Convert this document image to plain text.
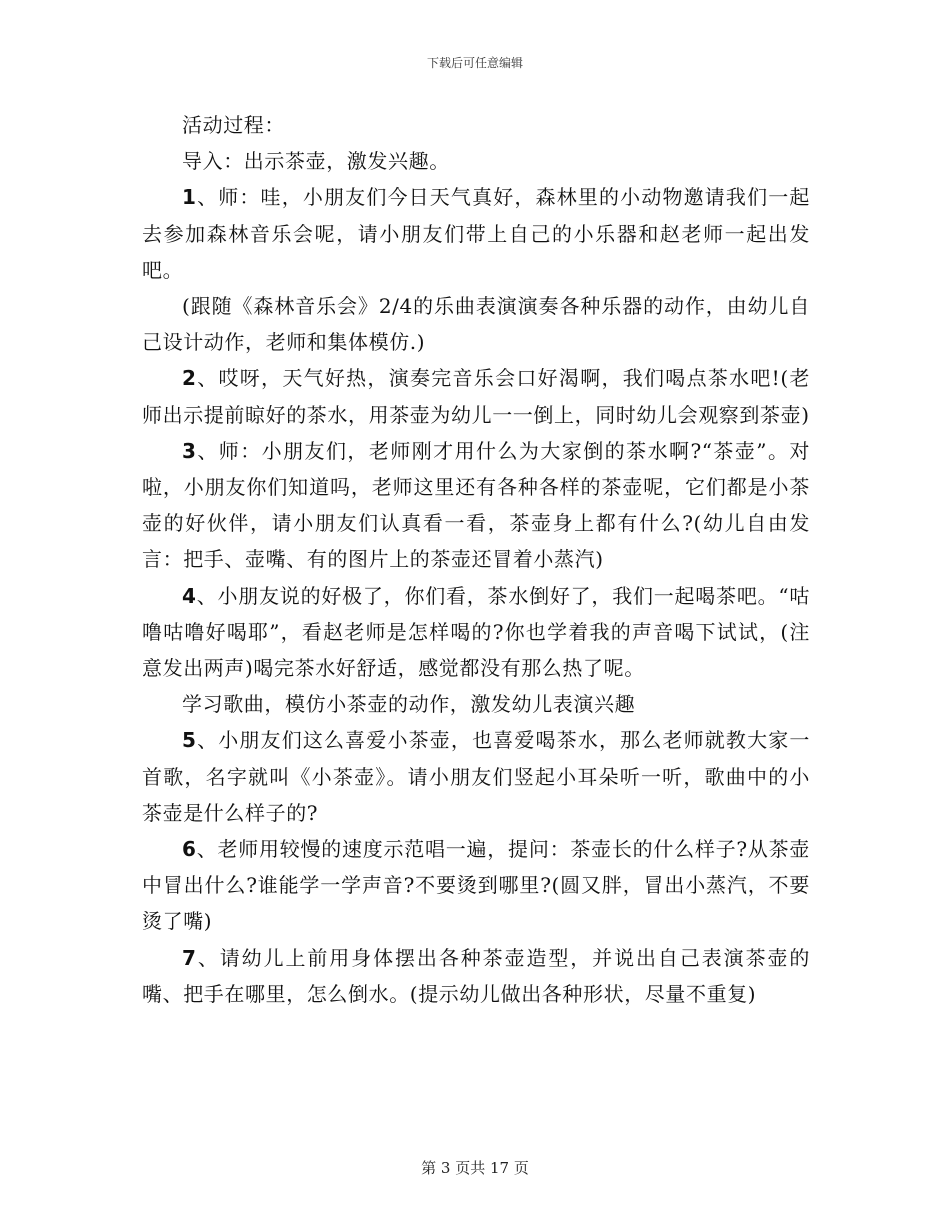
下载后可任意编辑

活动过程：

导入：出示茶壶，激发兴趣。

1、师：哇，小朋友们今日天气真好，森林里的小动物邀请我们一起去参加森林音乐会呢，请小朋友们带上自己的小乐器和赵老师一起出发吧。

(跟随《森林音乐会》2/4的乐曲表演演奏各种乐器的动作，由幼儿自己设计动作，老师和集体模仿.)

2、哎呀，天气好热，演奏完音乐会口好渴啊，我们喝点茶水吧!(老师出示提前晾好的茶水，用茶壶为幼儿一一倒上，同时幼儿会观察到茶壶)

3、师：小朋友们，老师刚才用什么为大家倒的茶水啊?“茶壶”。对啦，小朋友你们知道吗，老师这里还有各种各样的茶壶呢，它们都是小茶壶的好伙伴，请小朋友们认真看一看，茶壶身上都有什么?(幼儿自由发言：把手、壶嘴、有的图片上的茶壶还冒着小蒸汽)

4、小朋友说的好极了，你们看，茶水倒好了，我们一起喝茶吧。“咕噜咕噜好喝耶”，看赵老师是怎样喝的?你也学着我的声音喝下试试，(注意发出两声)喝完茶水好舒适，感觉都没有那么热了呢。

学习歌曲，模仿小茶壶的动作，激发幼儿表演兴趣

5、小朋友们这么喜爱小茶壶，也喜爱喝茶水，那么老师就教大家一首歌，名字就叫《小茶壶》。请小朋友们竖起小耳朵听一听，歌曲中的小茶壶是什么样子的?

6、老师用较慢的速度示范唱一遍，提问：茶壶长的什么样子?从茶壶中冒出什么?谁能学一学声音?不要烫到哪里?(圆又胖，冒出小蒸汽，不要烫了嘴)

7、请幼儿上前用身体摆出各种茶壶造型，并说出自己表演茶壶的嘴、把手在哪里，怎么倒水。(提示幼儿做出各种形状，尽量不重复)

第 3 页共 17 页
